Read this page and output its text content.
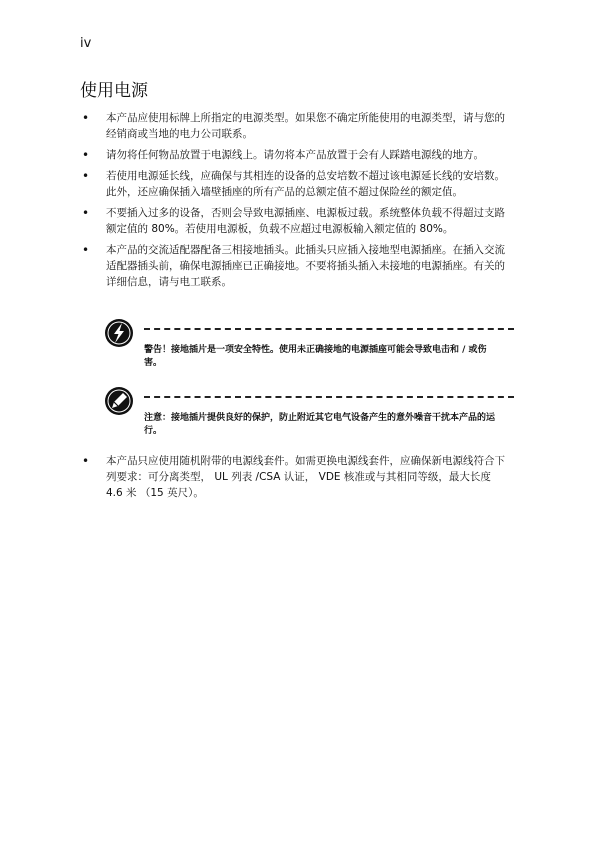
iv
使用电源
• 本产品应使用标牌上所指定的电源类型。如果您不确定所能使用的电源类型，请与您的经销商或当地的电力公司联系。
• 请勿将任何物品放置于电源线上。请勿将本产品放置于会有人踩踏电源线的地方。
• 若使用电源延长线，应确保与其相连的设备的总安培数不超过该电源延长线的安培数。此外，还应确保插入墙壁插座的所有产品的总额定值不超过保险丝的额定值。
• 不要插入过多的设备，否则会导致电源插座、电源板过载。系统整体负载不得超过支路额定值的 80%。若使用电源板，负载不应超过电源板输入额定值的 80%。
• 本产品的交流适配器配备三相接地插头。此插头只应插入接地型电源插座。在插入交流适配器插头前，确保电源插座已正确接地。不要将插头插入未接地的电源插座。有关的详细信息，请与电工联系。
警告！接地插片是一项安全特性。使用未正确接地的电源插座可能会导致电击和 / 或伤害。
注意：接地插片提供良好的保护，防止附近其它电气设备产生的意外噪音干扰本产品的运行。
• 本产品只应使用随机附带的电源线套件。如需更换电源线套件，应确保新电源线符合下列要求：可分离类型， UL 列表 /CSA 认证， VDE 核准或与其相同等级，最大长度 4.6 米 （15 英尺）。
